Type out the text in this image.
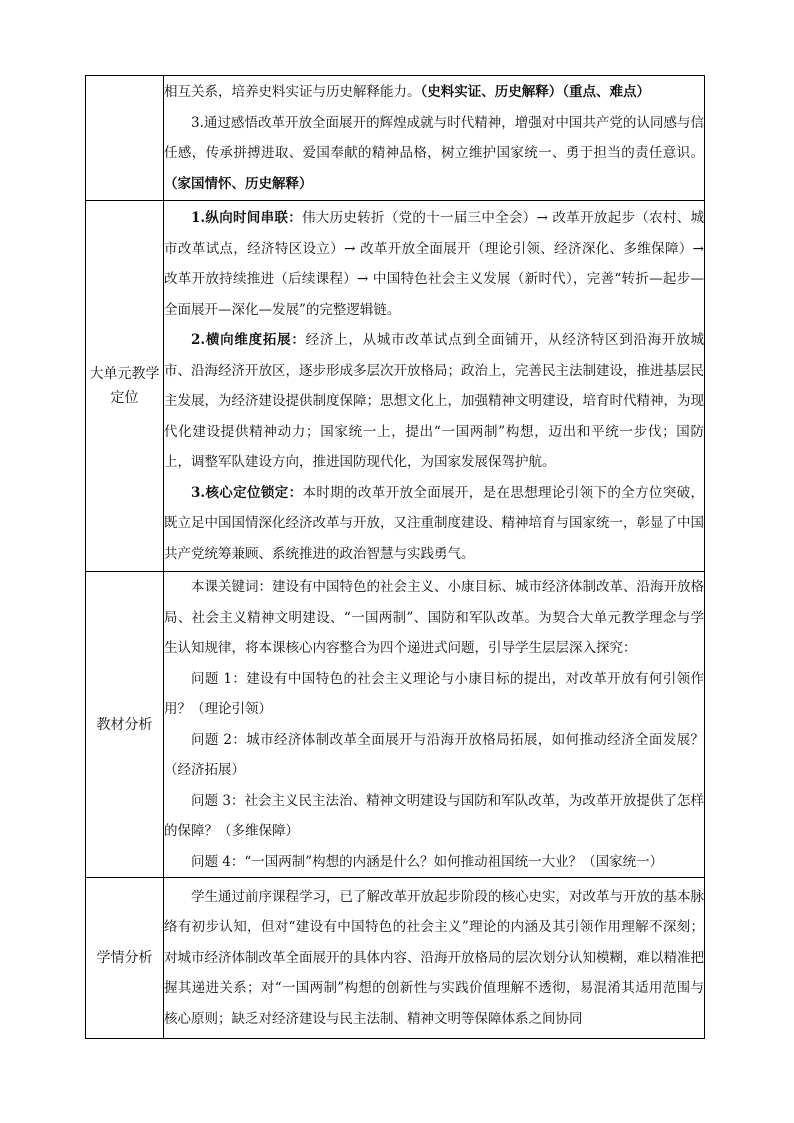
	相互关系，培养史料实证与历史解释能力。（史料实证、历史解释）（重点、难点）

3.通过感悟改革开放全面展开的辉煌成就与时代精神，增强对中国共产党的认同感与信任感，传承拼搏进取、爱国奉献的精神品格，树立维护国家统一、勇于担当的责任意识。（家国情怀、历史解释）

大单元教学定位	1.纵向时间串联：伟大历史转折（党的十一届三中全会）→ 改革开放起步（农村、城市改革试点，经济特区设立）→ 改革开放全面展开（理论引领、经济深化、多维保障）→ 改革开放持续推进（后续课程）→ 中国特色社会主义发展（新时代），完善“转折—起步—全面展开—深化—发展”的完整逻辑链。

2.横向维度拓展：经济上，从城市改革试点到全面铺开，从经济特区到沿海开放城市、沿海经济开放区，逐步形成多层次开放格局；政治上，完善民主法制建设，推进基层民主发展，为经济建设提供制度保障；思想文化上，加强精神文明建设，培育时代精神，为现代化建设提供精神动力；国家统一上，提出“一国两制”构想，迈出和平统一步伐；国防上，调整军队建设方向，推进国防现代化，为国家发展保驾护航。

3.核心定位锁定：本时期的改革开放全面展开，是在思想理论引领下的全方位突破，既立足中国国情深化经济改革与开放，又注重制度建设、精神培育与国家统一，彰显了中国共产党统筹兼顾、系统推进的政治智慧与实践勇气。

教材分析	本课关键词：建设有中国特色的社会主义、小康目标、城市经济体制改革、沿海开放格局、社会主义精神文明建设、“一国两制”、国防和军队改革。为契合大单元教学理念与学生认知规律，将本课核心内容整合为四个递进式问题，引导学生层层深入探究：

问题 1：建设有中国特色的社会主义理论与小康目标的提出，对改革开放有何引领作用？（理论引领）

问题 2：城市经济体制改革全面展开与沿海开放格局拓展，如何推动经济全面发展？（经济拓展）

问题 3：社会主义民主法治、精神文明建设与国防和军队改革，为改革开放提供了怎样的保障？（多维保障）

问题 4：“一国两制”构想的内涵是什么？如何推动祖国统一大业？（国家统一）

学情分析	学生通过前序课程学习，已了解改革开放起步阶段的核心史实，对改革与开放的基本脉络有初步认知，但对“建设有中国特色的社会主义”理论的内涵及其引领作用理解不深刻；对城市经济体制改革全面展开的具体内容、沿海开放格局的层次划分认知模糊，难以精准把握其递进关系；对“一国两制”构想的创新性与实践价值理解不透彻，易混淆其适用范围与核心原则；缺乏对经济建设与民主法制、精神文明等保障体系之间协同
